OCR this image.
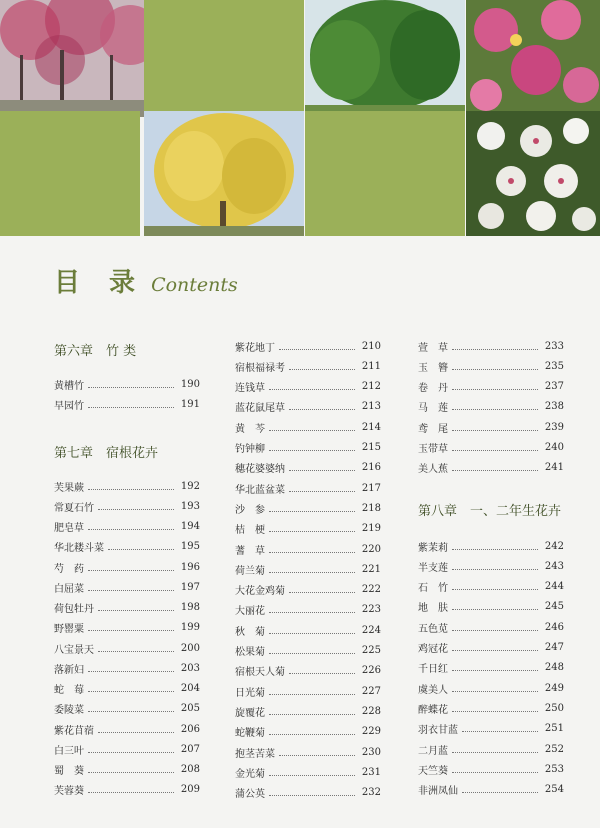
目 录 Contents
第六章　竹 类
黄槽竹	190
早园竹	191
第七章　宿根花卉
芙果蕨	192
常夏石竹	193
肥皂草	194
华北耧斗菜	195
芍　药	196
白屈菜	197
荷包牡丹	198
野罂粟	199
八宝景天	200
落新妇	203
蛇　莓	204
委陵菜	205
紫花苜蓿	206
白三叶	207
蜀　葵	208
芙蓉葵	209
紫花地丁	210
宿根福禄考	211
连钱草	212
蓝花鼠尾草	213
黄　芩	214
钓钟柳	215
穗花婆婆纳	216
华北蓝盆菜	217
沙　参	218
桔　梗	219
蓍　草	220
荷兰菊	221
大花金鸡菊	222
大丽花	223
秋　菊	224
松果菊	225
宿根天人菊	226
日光菊	227
旋覆花	228
蛇鞭菊	229
抱茎苦菜	230
金光菊	231
蒲公英	232
萱　草	233
玉　簪	235
卷　丹	237
马　莲	238
鸢　尾	239
玉带草	240
美人蕉	241
第八章　一、二年生花卉
紫茉莉	242
半支莲	243
石　竹	244
地　肤	245
五色苋	246
鸡冠花	247
千日红	248
虞美人	249
醉蝶花	250
羽衣甘蓝	251
二月蓝	252
天竺葵	253
非洲凤仙	254
